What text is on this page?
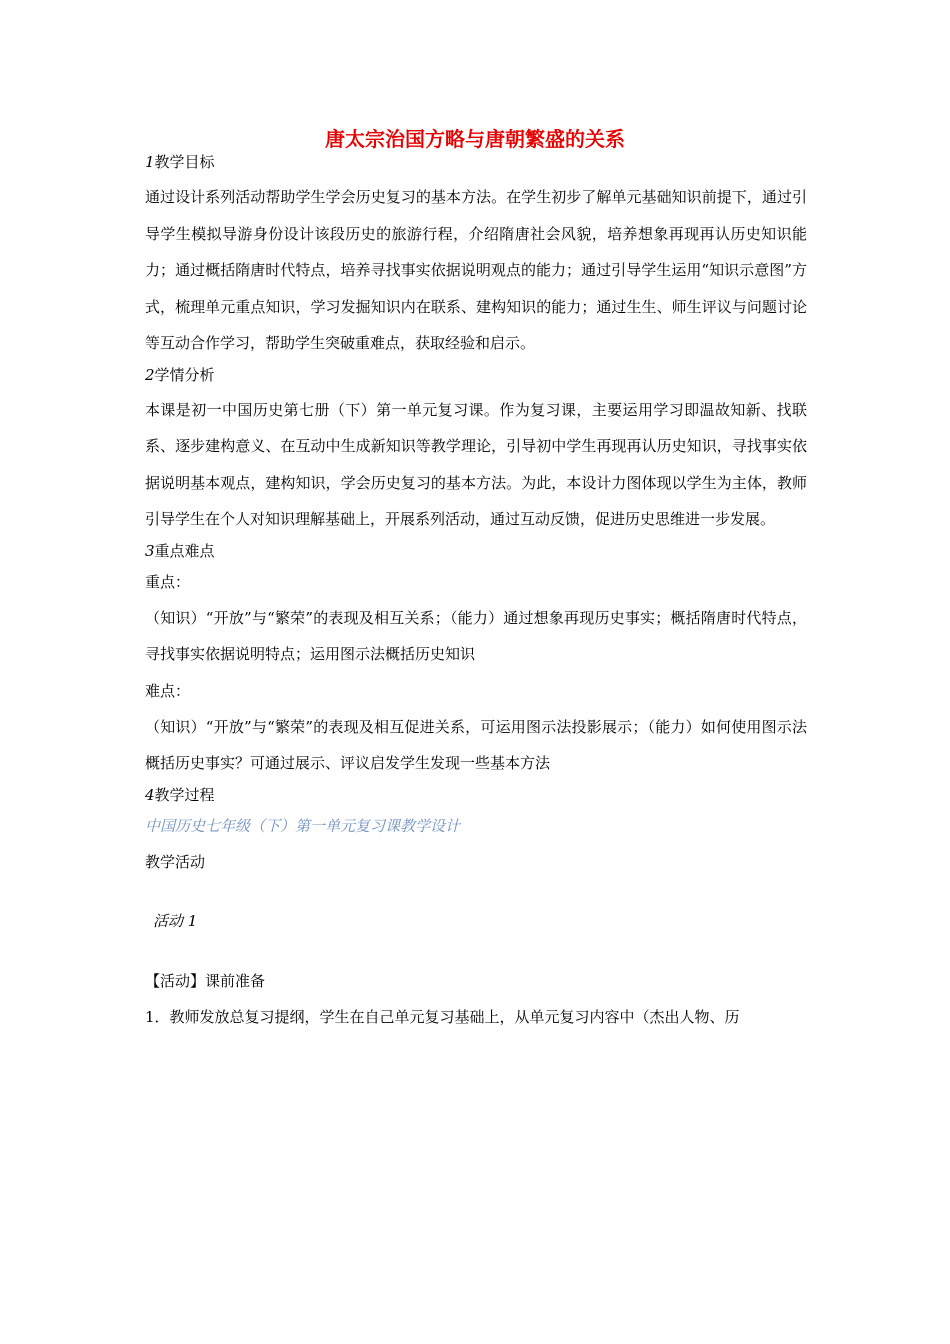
唐太宗治国方略与唐朝繁盛的关系

1教学目标

通过设计系列活动帮助学生学会历史复习的基本方法。在学生初步了解单元基础知识前提下，通过引导学生模拟导游身份设计该段历史的旅游行程，介绍隋唐社会风貌，培养想象再现再认历史知识能力；通过概括隋唐时代特点，培养寻找事实依据说明观点的能力；通过引导学生运用“知识示意图”方式，梳理单元重点知识，学习发掘知识内在联系、建构知识的能力；通过生生、师生评议与问题讨论等互动合作学习，帮助学生突破重难点，获取经验和启示。

2学情分析

本课是初一中国历史第七册（下）第一单元复习课。作为复习课，主要运用学习即温故知新、找联系、逐步建构意义、在互动中生成新知识等教学理论，引导初中学生再现再认历史知识，寻找事实依据说明基本观点，建构知识，学会历史复习的基本方法。为此，本设计力图体现以学生为主体，教师引导学生在个人对知识理解基础上，开展系列活动，通过互动反馈，促进历史思维进一步发展。

3重点难点

重点：

（知识）“开放”与“繁荣”的表现及相互关系；（能力）通过想象再现历史事实；概括隋唐时代特点，寻找事实依据说明特点；运用图示法概括历史知识

难点：

（知识）“开放”与“繁荣”的表现及相互促进关系，可运用图示法投影展示；（能力）如何使用图示法概括历史事实？可通过展示、评议启发学生发现一些基本方法

4教学过程

中国历史七年级（下）第一单元复习课教学设计

教学活动

活动 1

【活动】课前准备

1．教师发放总复习提纲，学生在自己单元复习基础上，从单元复习内容中（杰出人物、历
